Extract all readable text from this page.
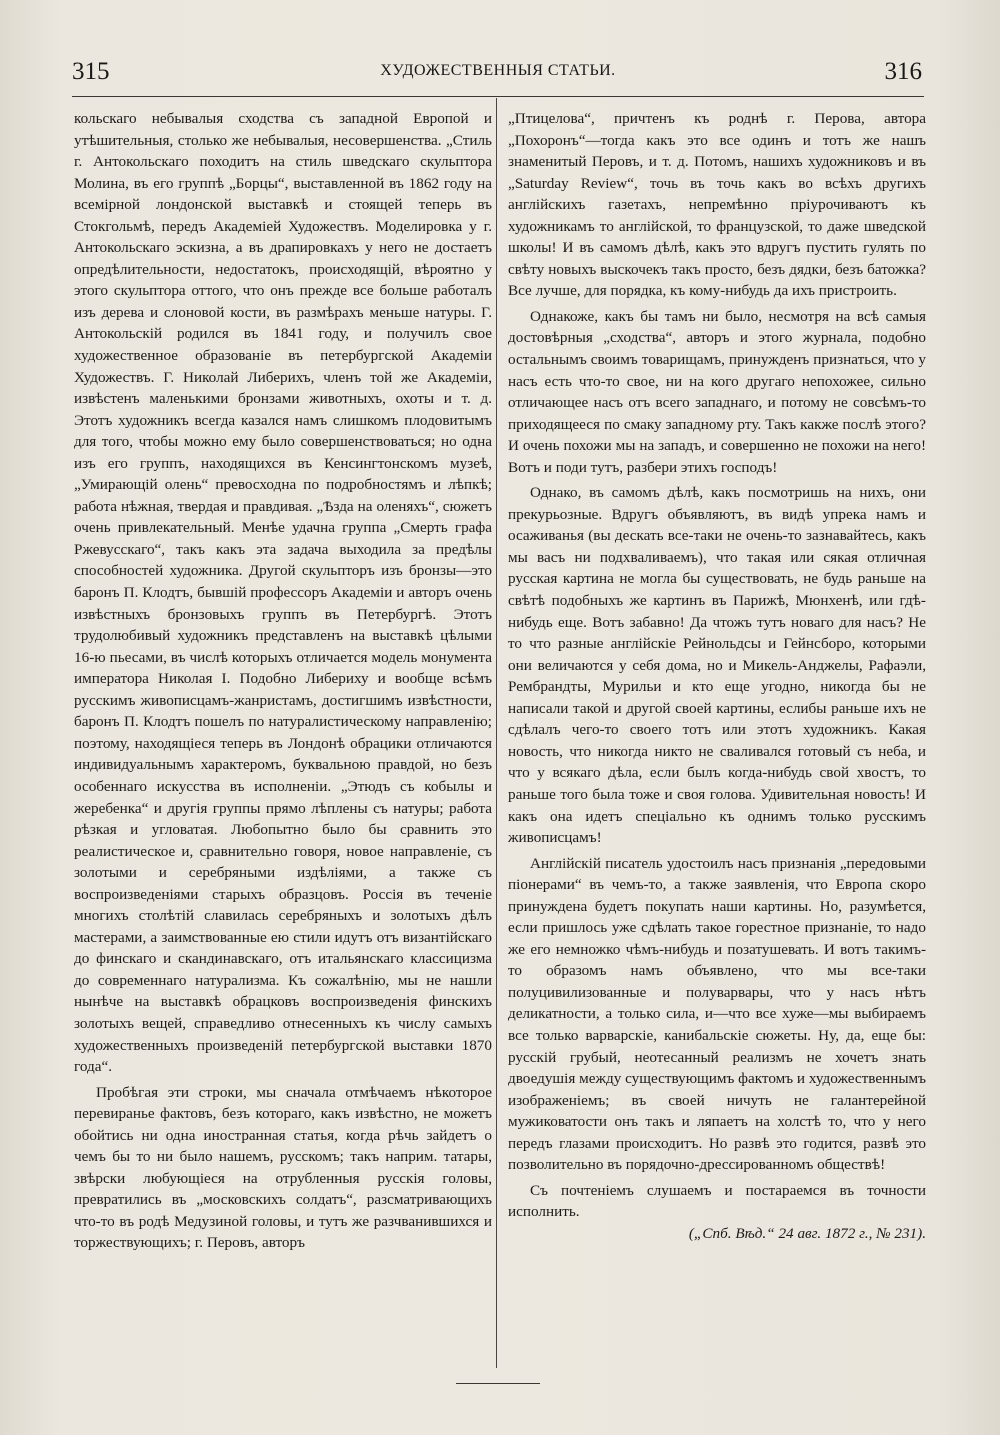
315	ХУДОЖЕСТВЕННЫЯ СТАТЬИ.	316

кольскаго небывалыя сходства съ западной Европой и утѣшительныя, столько же небывалыя, несовершенства. „Стиль г. Антокольскаго походитъ на стиль шведскаго скульптора Молина, въ его группѣ „Борцы“, выставленной въ 1862 году на всемірной лондонской выставкѣ и стоящей теперь въ Стокгольмѣ, передъ Академіей Художествъ. Моделировка у г. Антокольскаго эскизна, а въ драпировкахъ у него не достаетъ опредѣлительности, недостатокъ, происходящій, вѣроятно у этого скульптора оттого, что онъ прежде все больше работалъ изъ дерева и слоновой кости, въ размѣрахъ меньше натуры. Г. Антокольскій родился въ 1841 году, и получилъ свое художественное образованіе въ петербургской Академіи Художествъ. Г. Николай Либерихъ, членъ той же Академіи, извѣстенъ маленькими бронзами животныхъ, охоты и т. д. Этотъ художникъ всегда казался намъ слишкомъ плодовитымъ для того, чтобы можно ему было совершенствоваться; но одна изъ его группъ, находящихся въ Кенсингтонскомъ музеѣ, „Умирающій олень“ превосходна по подробностямъ и лѣпкѣ; работа нѣжная, твердая и правдивая. „Ѣзда на оленяхъ“, сюжетъ очень привлекательный. Менѣе удачна группа „Смерть графа Ржевусскаго“, такъ какъ эта задача выходила за предѣлы способностей художника. Другой скульпторъ изъ бронзы—это баронъ П. Клодтъ, бывшій профессоръ Академіи и авторъ очень извѣстныхъ бронзовыхъ группъ въ Петербургѣ. Этотъ трудолюбивый художникъ представленъ на выставкѣ цѣлыми 16-ю пьесами, въ числѣ которыхъ отличается модель монумента императора Николая I. Подобно Либериху и вообще всѣмъ русскимъ живописцамъ-жанристамъ, достигшимъ извѣстности, баронъ П. Клодтъ пошелъ по натуралистическому направленію; поэтому, находящіеся теперь въ Лондонѣ обрацики отличаются индивидуальнымъ характеромъ, буквальною правдой, но безъ особеннаго искусства въ исполненіи. „Этюдъ съ кобылы и жеребенка“ и другія группы прямо лѣплены съ натуры; работа рѣзкая и угловатая. Любопытно было бы сравнить это реалистическое и, сравнительно говоря, новое направленіе, съ золотыми и серебряными издѣліями, а также съ воспроизведеніями старыхъ образцовъ. Россія въ теченіе многихъ столѣтій славилась серебряныхъ и золотыхъ дѣлъ мастерами, а заимствованные ею стили идутъ отъ византійскаго до финскаго и скандинавскаго, отъ итальянскаго классицизма до современнаго натурализма. Къ сожалѣнію, мы не нашли нынѣче на выставкѣ обрацковъ воспроизведенія финскихъ золотыхъ вещей, справедливо отнесенныхъ къ числу самыхъ художественныхъ произведеній петербургской выставки 1870 года“.

Пробѣгая эти строки, мы сначала отмѣчаемъ нѣкоторое перевиранье фактовъ, безъ котораго, какъ извѣстно, не можетъ обойтись ни одна иностранная статья, когда рѣчь зайдетъ о чемъ бы то ни было нашемъ, русскомъ; такъ наприм. татары, звѣрски любующіеся на отрубленныя русскія головы, превратились въ „московскихъ солдатъ“, разсматривающихъ что-то въ родѣ Медузиной головы, и тутъ же разчванившихся и торжествующихъ; г. Перовъ, авторъ

„Птицелова“, причтенъ къ роднѣ г. Перова, автора „Похоронъ“—тогда какъ это все одинъ и тотъ же нашъ знаменитый Перовъ, и т. д. Потомъ, нашихъ художниковъ и въ „Saturday Review“, точь въ точь какъ во всѣхъ другихъ англійскихъ газетахъ, непремѣнно пріурочиваютъ къ художникамъ то англійской, то французской, то даже шведской школы! И въ самомъ дѣлѣ, какъ это вдругъ пустить гулять по свѣту новыхъ выскочекъ такъ просто, безъ дядки, безъ батожка? Все лучше, для порядка, къ кому-нибудь да ихъ пристроить.

Однакоже, какъ бы тамъ ни было, несмотря на всѣ самыя достовѣрныя „сходства“, авторъ и этого журнала, подобно остальнымъ своимъ товарищамъ, принужденъ признаться, что у насъ есть что-то свое, ни на кого другаго непохожее, сильно отличающее насъ отъ всего западнаго, и потому не совсѣмъ-то приходящееся по смаку западному рту. Такъ какже послѣ этого? И очень похожи мы на западъ, и совершенно не похожи на него! Вотъ и поди тутъ, разбери этихъ господъ!

Однако, въ самомъ дѣлѣ, какъ посмотришь на нихъ, они прекурьозные. Вдругъ объявляютъ, въ видѣ упрека намъ и осаживанья (вы дескать все-таки не очень-то зазнавайтесь, какъ мы васъ ни подхваливаемъ), что такая или сякая отличная русская картина не могла бы существовать, не будь раньше на свѣтѣ подобныхъ же картинъ въ Парижѣ, Мюнхенѣ, или гдѣ-нибудь еще. Вотъ забавно! Да чтожъ тутъ новаго для насъ? Не то что разные англійскіе Рейнольдсы и Гейнсборо, которыми они величаются у себя дома, но и Микель-Анджелы, Рафаэли, Рембрандты, Мурильи и кто еще угодно, никогда бы не написали такой и другой своей картины, еслибы раньше ихъ не сдѣлалъ чего-то своего тотъ или этотъ художникъ. Какая новость, что никогда никто не сваливался готовый съ неба, и что у всякаго дѣла, если былъ когда-нибудь свой хвостъ, то раньше того была тоже и своя голова. Удивительная новость! И какъ она идетъ спеціально къ однимъ только русскимъ живописцамъ!

Англійскій писатель удостоилъ насъ признанія „передовыми піонерами“ въ чемъ-то, а также заявленія, что Европа скоро принуждена будетъ покупать наши картины. Но, разумѣется, если пришлось уже сдѣлать такое горестное признаніе, то надо же его немножко чѣмъ-нибудь и позатушевать. И вотъ такимъ-то образомъ намъ объявлено, что мы все-таки полуцивилизованные и полуварвары, что у насъ нѣтъ деликатности, а только сила, и—что все хуже—мы выбираемъ все только варварскіе, канибальскіе сюжеты. Ну, да, еще бы: русскій грубый, неотесанный реализмъ не хочетъ знать двоедушія между существующимъ фактомъ и художественнымъ изображеніемъ; въ своей ничуть не галантерейной мужиковатости онъ такъ и ляпаетъ на холстѣ то, что у него передъ глазами происходитъ. Но развѣ это годится, развѣ это позволительно въ порядочно-дрессированномъ обществѣ!

Съ почтеніемъ слушаемъ и постараемся въ точности исполнить.

(„Спб. Вѣд.“ 24 авг. 1872 г., № 231).
